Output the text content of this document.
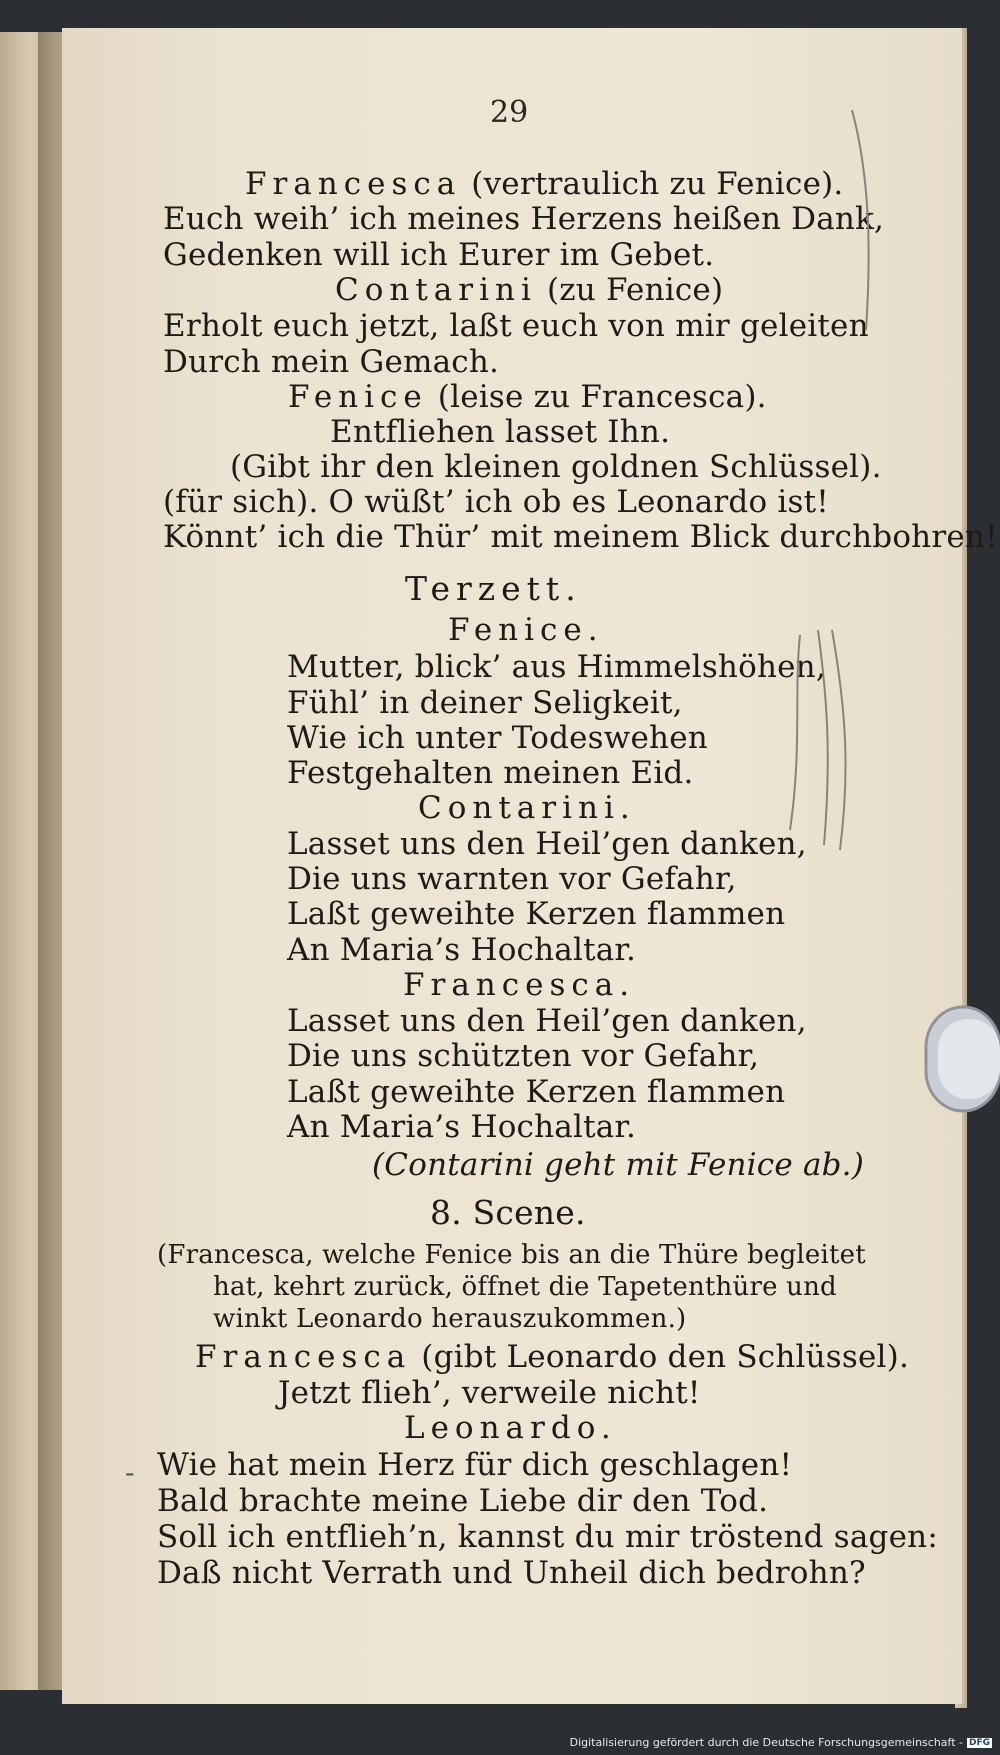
29
Francesca (vertraulich zu Fenice).
Euch weih’ ich meines Herzens heißen Dank,
Gedenken will ich Eurer im Gebet.
Contarini (zu Fenice)
Erholt euch jetzt, laßt euch von mir geleiten
Durch mein Gemach.
Fenice (leise zu Francesca).
Entfliehen lasset Ihn.
(Gibt ihr den kleinen goldnen Schlüssel).
(für sich). O wüßt’ ich ob es Leonardo ist!
Könnt’ ich die Thür’ mit meinem Blick durchbohren!
Terzett.
Fenice.
Mutter, blick’ aus Himmelshöhen,
Fühl’ in deiner Seligkeit,
Wie ich unter Todeswehen
Festgehalten meinen Eid.
Contarini.
Lasset uns den Heil’gen danken,
Die uns warnten vor Gefahr,
Laßt geweihte Kerzen flammen
An Maria’s Hochaltar.
Francesca.
Lasset uns den Heil’gen danken,
Die uns schützten vor Gefahr,
Laßt geweihte Kerzen flammen
An Maria’s Hochaltar.
(Contarini geht mit Fenice ab.)
8. Scene.
(Francesca, welche Fenice bis an die Thüre begleitet
hat, kehrt zurück, öffnet die Tapetenthüre und
winkt Leonardo herauszukommen.)
Francesca (gibt Leonardo den Schlüssel).
Jetzt flieh’, verweile nicht!
Leonardo.
Wie hat mein Herz für dich geschlagen!
Bald brachte meine Liebe dir den Tod.
Soll ich entflieh’n, kannst du mir tröstend sagen:
Daß nicht Verrath und Unheil dich bedrohn?
-
Digitalisierung gefördert durch die Deutsche Forschungsgemeinschaft - DFG
